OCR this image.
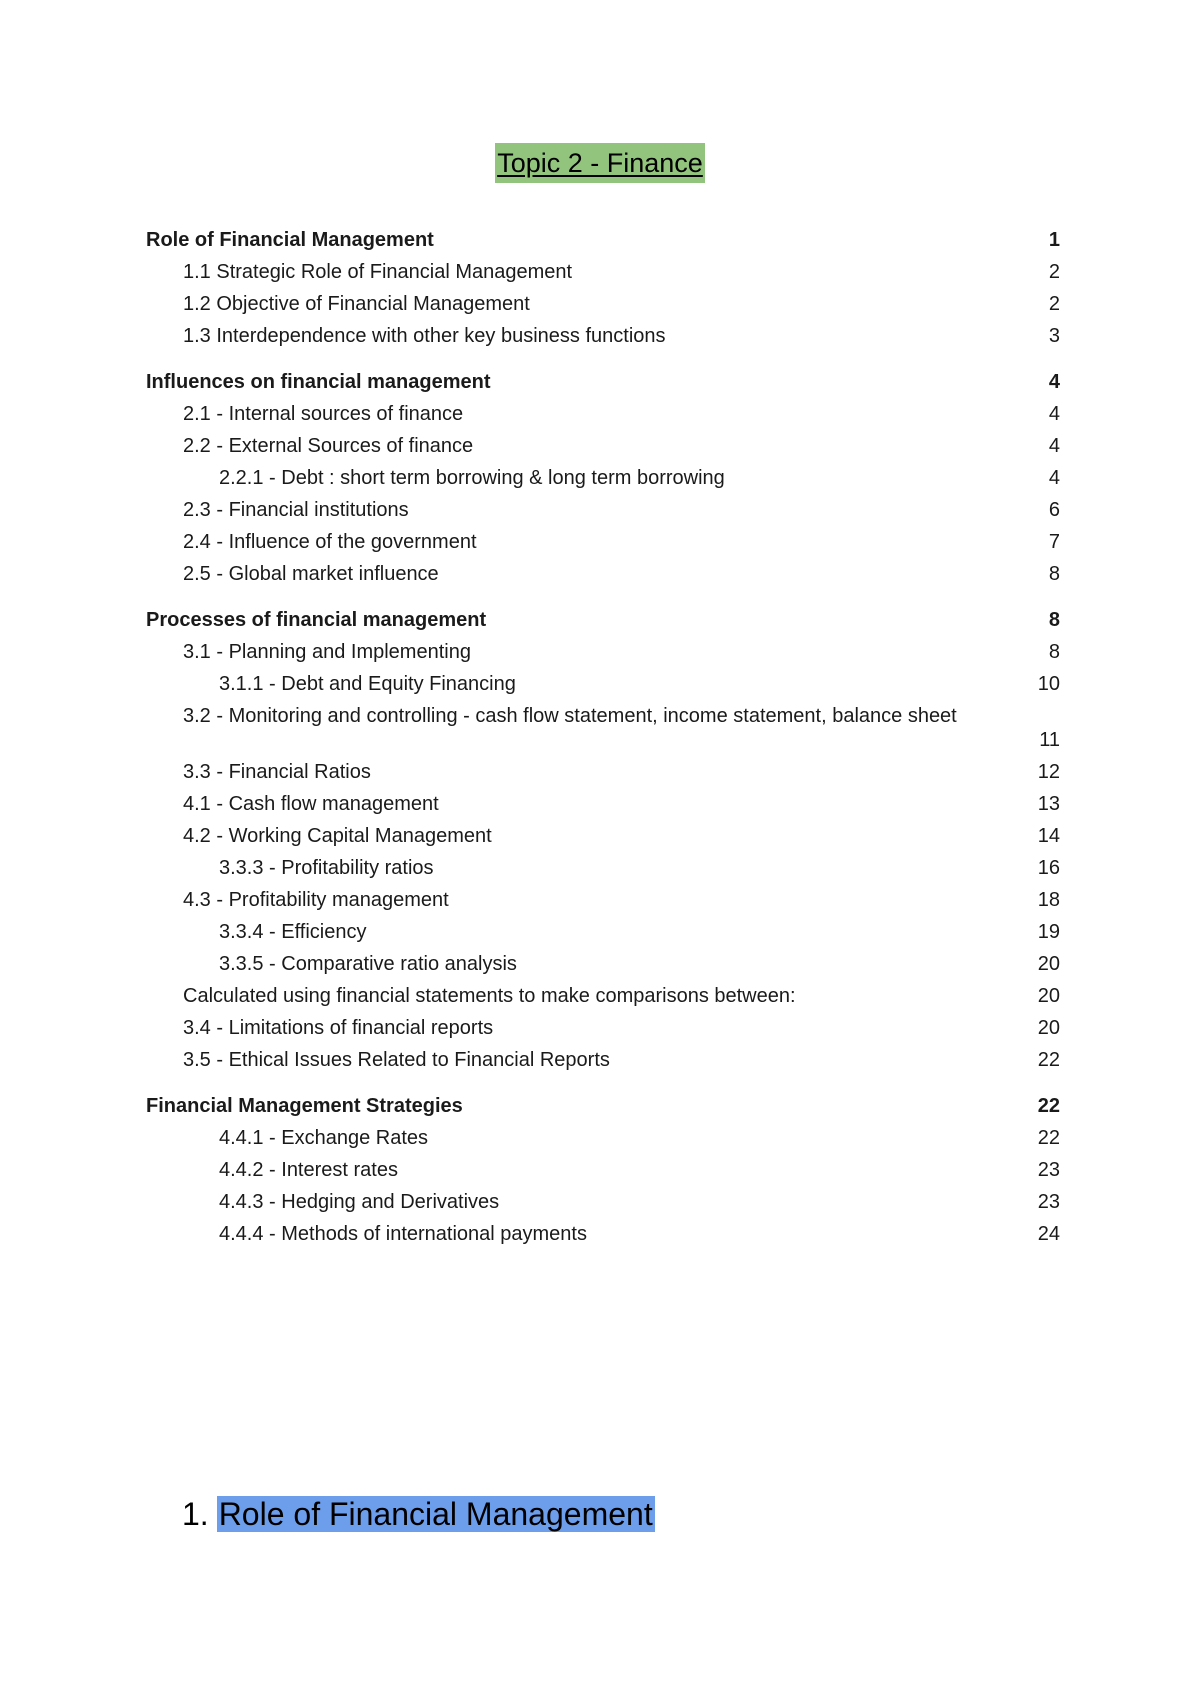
Topic 2 - Finance
Role of Financial Management	1
1.1 Strategic Role of Financial Management	2
1.2 Objective of Financial Management	2
1.3 Interdependence with other key business functions	3
Influences on financial management	4
2.1 - Internal sources of finance	4
2.2 - External Sources of finance	4
2.2.1 - Debt : short term borrowing & long term borrowing	4
2.3 - Financial institutions	6
2.4 - Influence of the government	7
2.5 - Global market influence	8
Processes of financial management	8
3.1 - Planning and Implementing	8
3.1.1 - Debt and Equity Financing	10
3.2 - Monitoring and controlling - cash flow statement, income statement, balance sheet
11
3.3 - Financial Ratios	12
4.1 - Cash flow management	13
4.2 - Working Capital Management	14
3.3.3 - Profitability ratios	16
4.3 - Profitability management	18
3.3.4 - Efficiency	19
3.3.5 - Comparative ratio analysis	20
Calculated using financial statements to make comparisons between:	20
3.4 - Limitations of financial reports	20
3.5 - Ethical Issues Related to Financial Reports	22
Financial Management Strategies	22
4.4.1 - Exchange Rates	22
4.4.2 - Interest rates	23
4.4.3 - Hedging and Derivatives	23
4.4.4 - Methods of international payments	24
1. Role of Financial Management
